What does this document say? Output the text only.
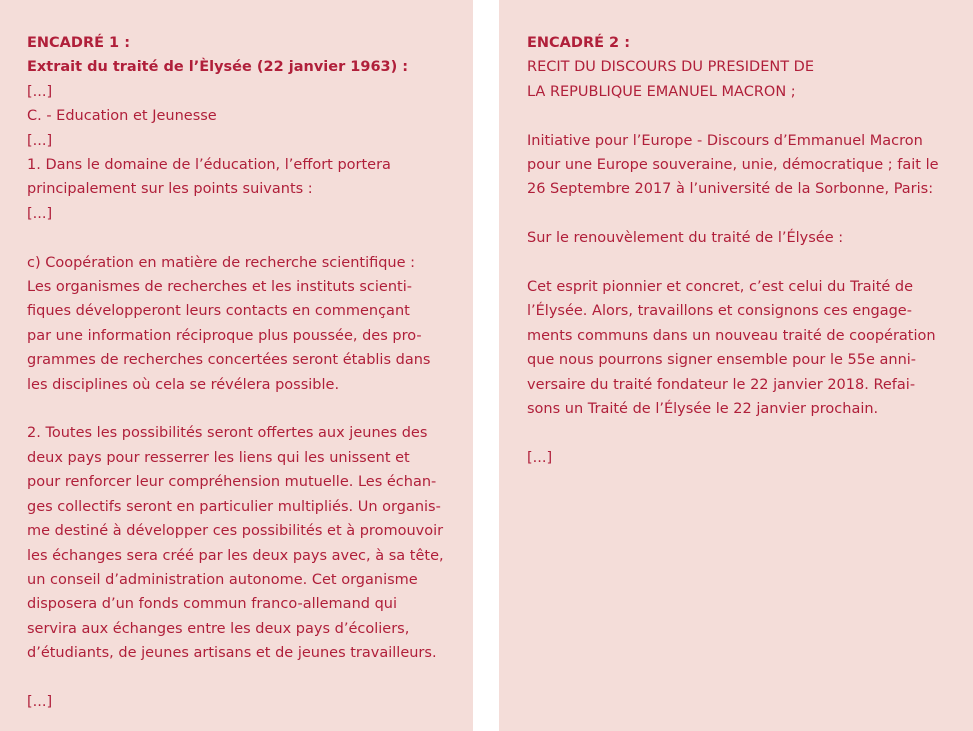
ENCADRÉ 1 :
Extrait du traité de l’Èlysée (22 janvier 1963) :
[...]
C. - Education et Jeunesse
[...]
1. Dans le domaine de l’éducation, l’effort portera
principalement sur les points suivants :
[...]
c) Coopération en matière de recherche scientifique :
Les organismes de recherches et les instituts scienti-
fiques développeront leurs contacts en commençant
par une information réciproque plus poussée, des pro-
grammes de recherches concertées seront établis dans
les disciplines où cela se révélera possible.
2. Toutes les possibilités seront offertes aux jeunes des
deux pays pour resserrer les liens qui les unissent et
pour renforcer leur compréhension mutuelle. Les échan-
ges collectifs seront en particulier multipliés. Un organis-
me destiné à développer ces possibilités et à promouvoir
les échanges sera créé par les deux pays avec, à sa tête,
un conseil d’administration autonome. Cet organisme
disposera d’un fonds commun franco-allemand qui
servira aux échanges entre les deux pays d’écoliers,
d’étudiants, de jeunes artisans et de jeunes travailleurs.
[...]
ENCADRÉ 2 :
RECIT DU DISCOURS DU PRESIDENT DE
LA REPUBLIQUE EMANUEL MACRON ;
Initiative pour l’Europe - Discours d’Emmanuel Macron
pour une Europe souveraine, unie, démocratique ; fait le
26 Septembre 2017 à l’université de la Sorbonne, Paris:
Sur le renouvèlement du traité de l’Élysée :
Cet esprit pionnier et concret, c’est celui du Traité de
l’Élysée. Alors, travaillons et consignons ces engage-
ments communs dans un nouveau traité de coopération
que nous pourrons signer ensemble pour le 55e anni-
versaire du traité fondateur le 22 janvier 2018. Refai-
sons un Traité de l’Élysée le 22 janvier prochain.
[...]
